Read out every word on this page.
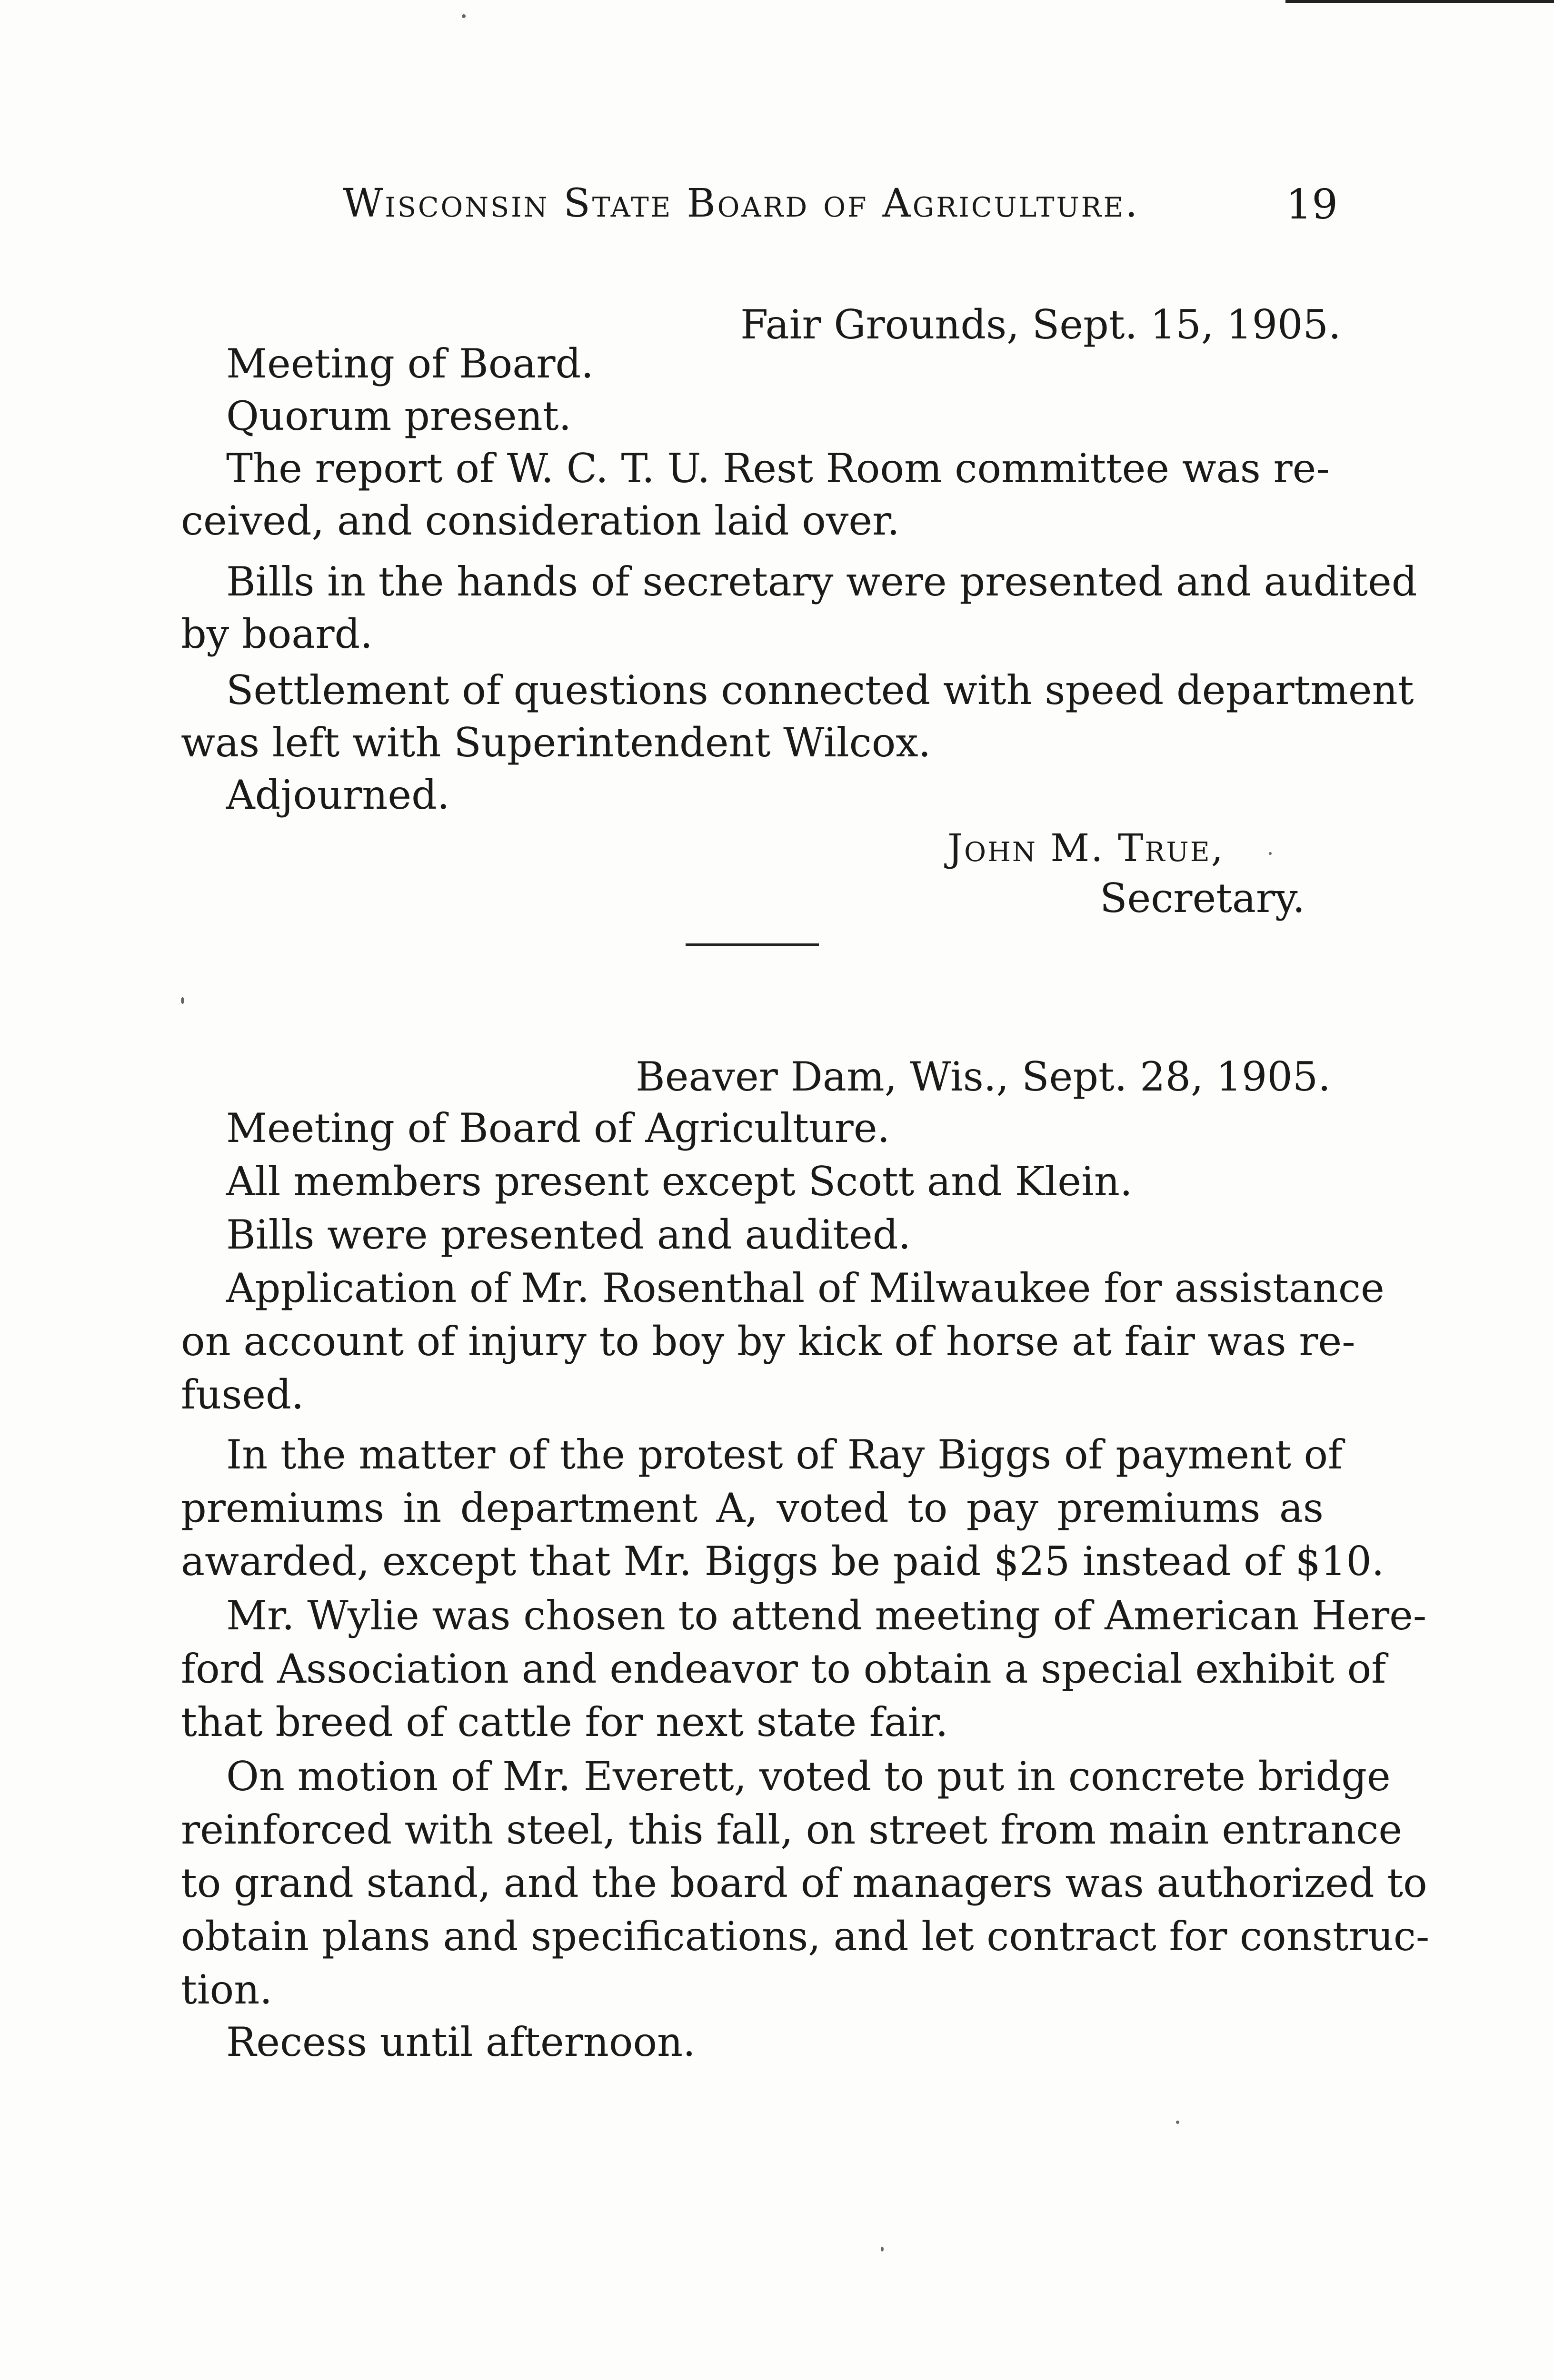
Wisconsin State Board of Agriculture.	19
Fair Grounds, Sept. 15, 1905.
Meeting of Board.
Quorum present.
The report of W. C. T. U. Rest Room committee was re-
ceived, and consideration laid over.
Bills in the hands of secretary were presented and audited
by board.
Settlement of questions connected with speed department
was left with Superintendent Wilcox.
Adjourned.
John M. True,
Secretary.
Beaver Dam, Wis., Sept. 28, 1905.
Meeting of Board of Agriculture.
All members present except Scott and Klein.
Bills were presented and audited.
Application of Mr. Rosenthal of Milwaukee for assistance
on account of injury to boy by kick of horse at fair was re-
fused.
In the matter of the protest of Ray Biggs of payment of
premiums in department A, voted to pay premiums as
awarded, except that Mr. Biggs be paid $25 instead of $10.
Mr. Wylie was chosen to attend meeting of American Here-
ford Association and endeavor to obtain a special exhibit of
that breed of cattle for next state fair.
On motion of Mr. Everett, voted to put in concrete bridge
reinforced with steel, this fall, on street from main entrance
to grand stand, and the board of managers was authorized to
obtain plans and specifications, and let contract for construc-
tion.
Recess until afternoon.
